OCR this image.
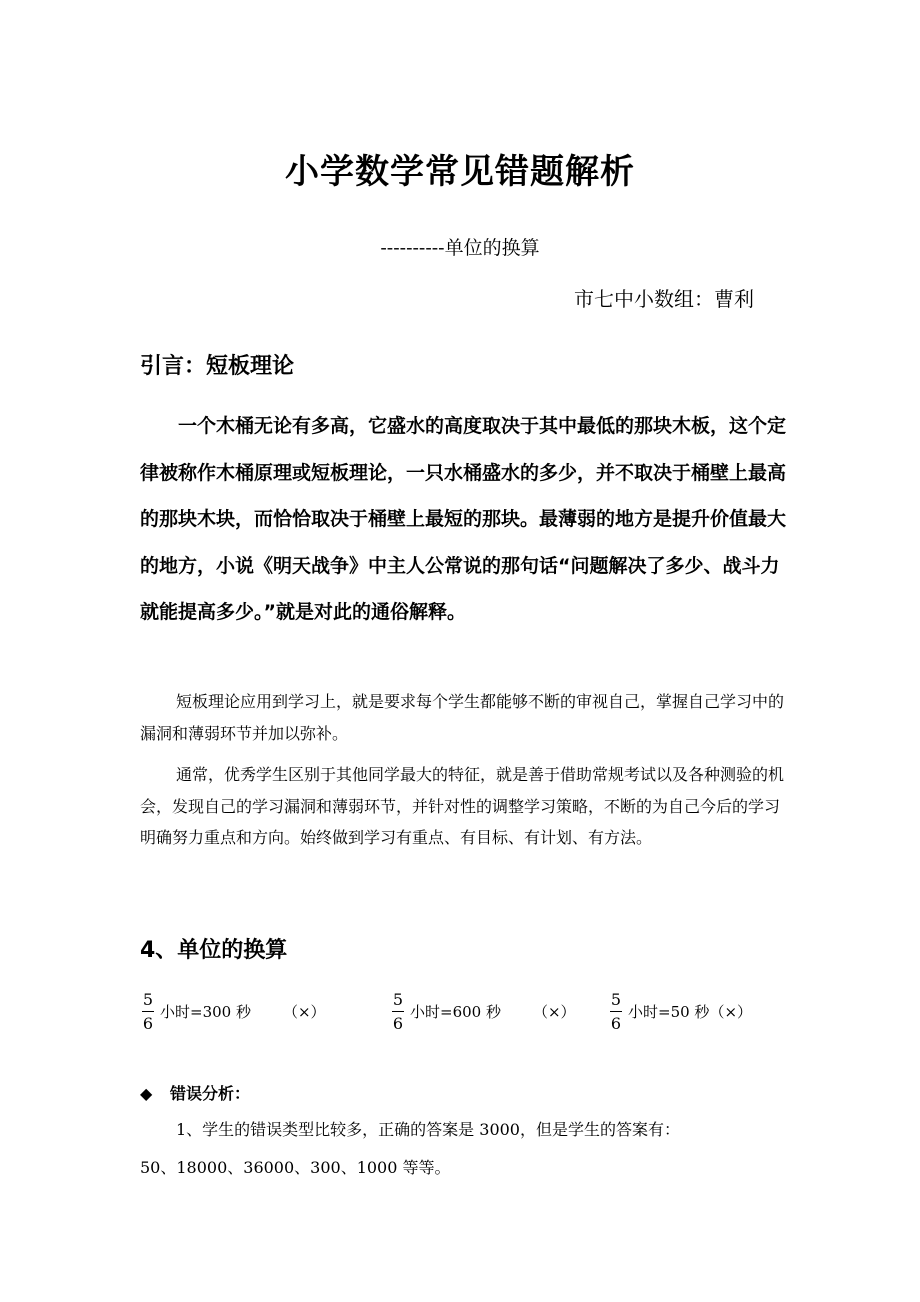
小学数学常见错题解析
----------单位的换算
市七中小数组：曹利
引言：短板理论
一个木桶无论有多高，它盛水的高度取决于其中最低的那块木板，这个定律被称作木桶原理或短板理论，一只水桶盛水的多少，并不取决于桶壁上最高的那块木块，而恰恰取决于桶壁上最短的那块。最薄弱的地方是提升价值最大的地方，小说《明天战争》中主人公常说的那句话“问题解决了多少、战斗力就能提高多少。”就是对此的通俗解释。
短板理论应用到学习上，就是要求每个学生都能够不断的审视自己，掌握自己学习中的漏洞和薄弱环节并加以弥补。
通常，优秀学生区别于其他同学最大的特征，就是善于借助常规考试以及各种测验的机会，发现自己的学习漏洞和薄弱环节，并针对性的调整学习策略，不断的为自己今后的学习明确努力重点和方向。始终做到学习有重点、有目标、有计划、有方法。
4、单位的换算
5
6
小时=300 秒 （×）
5
6
小时=600 秒 （×）
5
6
小时=50 秒（×）
◆ 错误分析：
1、学生的错误类型比较多，正确的答案是 3000，但是学生的答案有：
50、18000、36000、300、1000 等等。
